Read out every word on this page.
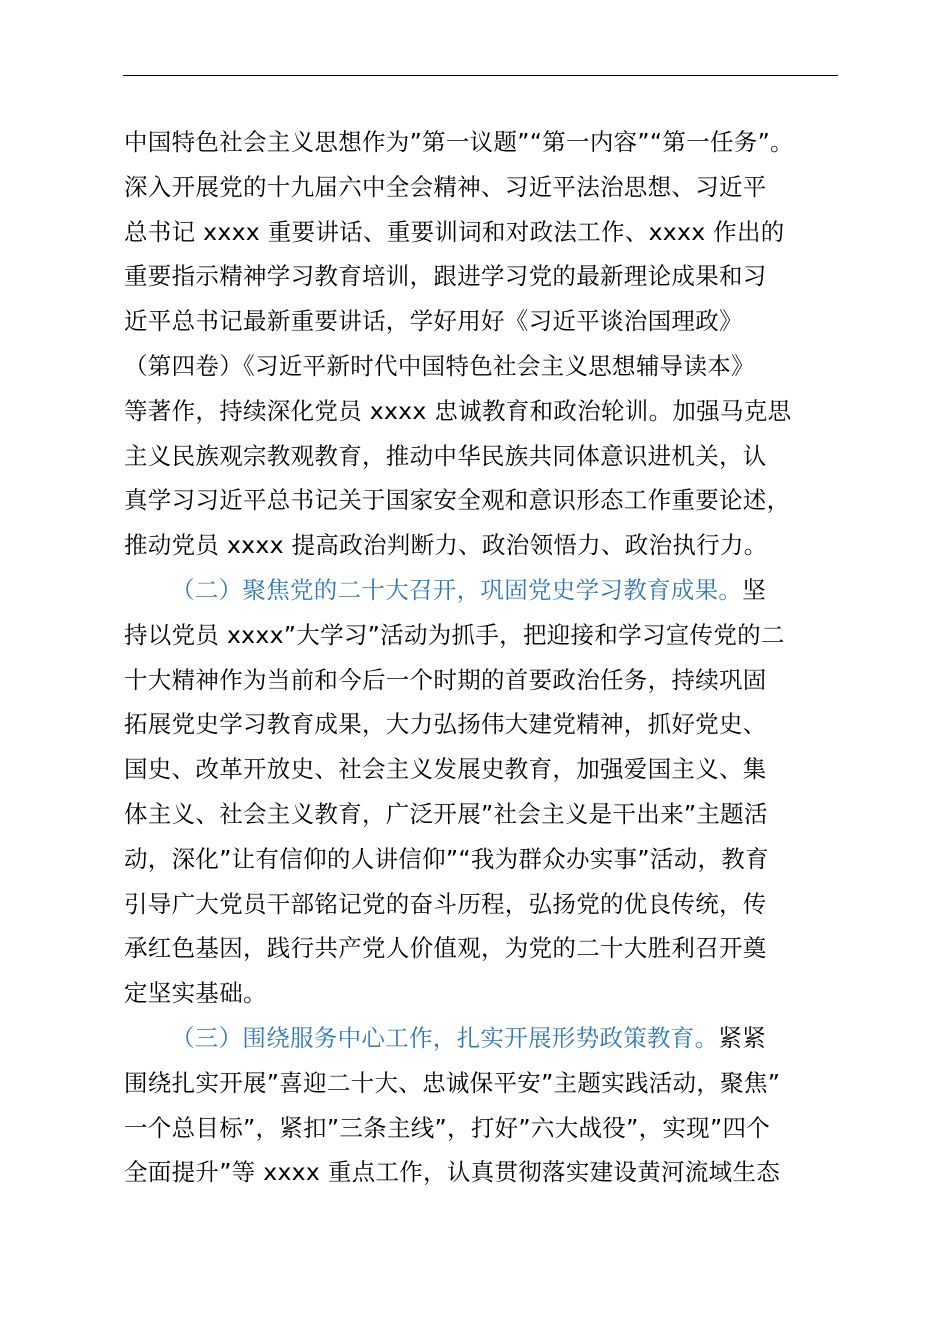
中国特色社会主义思想作为”第一议题”“第一内容”“第一任务”。
深入开展党的十九届六中全会精神、习近平法治思想、习近平
总书记 xxxx 重要讲话、重要训词和对政法工作、xxxx 作出的
重要指示精神学习教育培训，跟进学习党的最新理论成果和习
近平总书记最新重要讲话，学好用好《习近平谈治国理政》
（第四卷）《习近平新时代中国特色社会主义思想辅导读本》
等著作，持续深化党员 xxxx 忠诚教育和政治轮训。加强马克思
主义民族观宗教观教育，推动中华民族共同体意识进机关，认
真学习习近平总书记关于国家安全观和意识形态工作重要论述，
推动党员 xxxx 提高政治判断力、政治领悟力、政治执行力。
（二）聚焦党的二十大召开，巩固党史学习教育成果。坚
持以党员 xxxx”大学习”活动为抓手，把迎接和学习宣传党的二
十大精神作为当前和今后一个时期的首要政治任务，持续巩固
拓展党史学习教育成果，大力弘扬伟大建党精神，抓好党史、
国史、改革开放史、社会主义发展史教育，加强爱国主义、集
体主义、社会主义教育，广泛开展”社会主义是干出来”主题活
动，深化”让有信仰的人讲信仰”“我为群众办实事”活动，教育
引导广大党员干部铭记党的奋斗历程，弘扬党的优良传统，传
承红色基因，践行共产党人价值观，为党的二十大胜利召开奠
定坚实基础。
（三）围绕服务中心工作，扎实开展形势政策教育。紧紧
围绕扎实开展”喜迎二十大、忠诚保平安”主题实践活动，聚焦”
一个总目标”，紧扣”三条主线”，打好”六大战役”，实现”四个
全面提升”等 xxxx 重点工作，认真贯彻落实建设黄河流域生态
